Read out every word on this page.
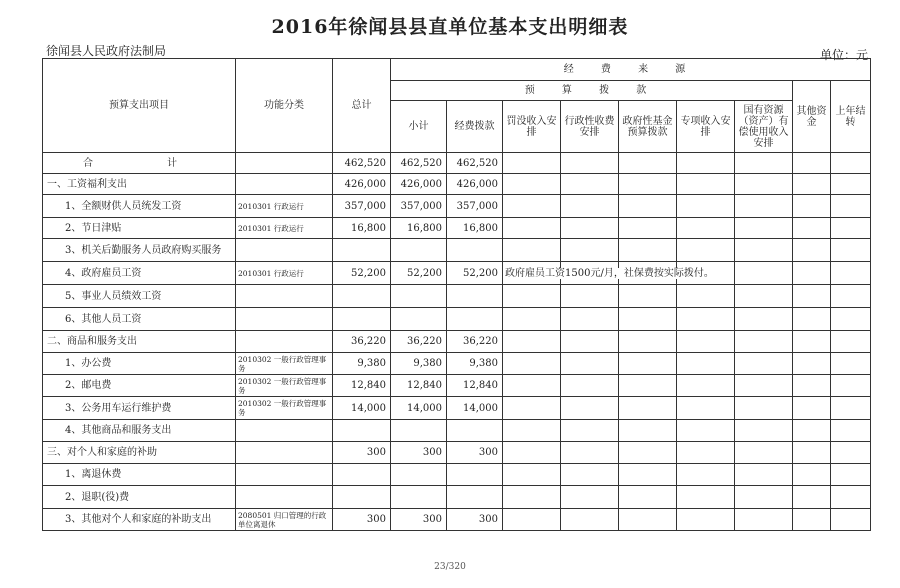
2016年徐闻县县直单位基本支出明细表
徐闻县人民政府法制局	单位：元
预算支出项目	功能分类	总计	经 费 来 源								
			预 算 拨 款							其他资金	上年结转
			小计	经费拨款	罚没收入安排	行政性收费安排	政府性基金预算拨款	专项收入安排	国有资源（资产）有偿使用收入安排		
合　　计		462,520	462,520	462,520							
一、工资福利支出		426,000	426,000	426,000							
1、全额财供人员统发工资	2010301 行政运行	357,000	357,000	357,000							
2、节日津贴	2010301 行政运行	16,800	16,800	16,800							
3、机关后勤服务人员政府购买服务											
4、政府雇员工资	2010301 行政运行	52,200	52,200	52,200	政府雇员工资1500元/月，社保费按实际拨付。						
5、事业人员绩效工资											
6、其他人员工资											
二、商品和服务支出		36,220	36,220	36,220							
1、办公费	2010302 一般行政管理事务	9,380	9,380	9,380							
2、邮电费	2010302 一般行政管理事务	12,840	12,840	12,840							
3、公务用车运行维护费	2010302 一般行政管理事务	14,000	14,000	14,000							
4、其他商品和服务支出											
三、对个人和家庭的补助		300	300	300							
1、离退休费											
2、退职(役)费											
3、其他对个人和家庭的补助支出	2080501 归口管理的行政单位离退休	300	300	300							
23/320
